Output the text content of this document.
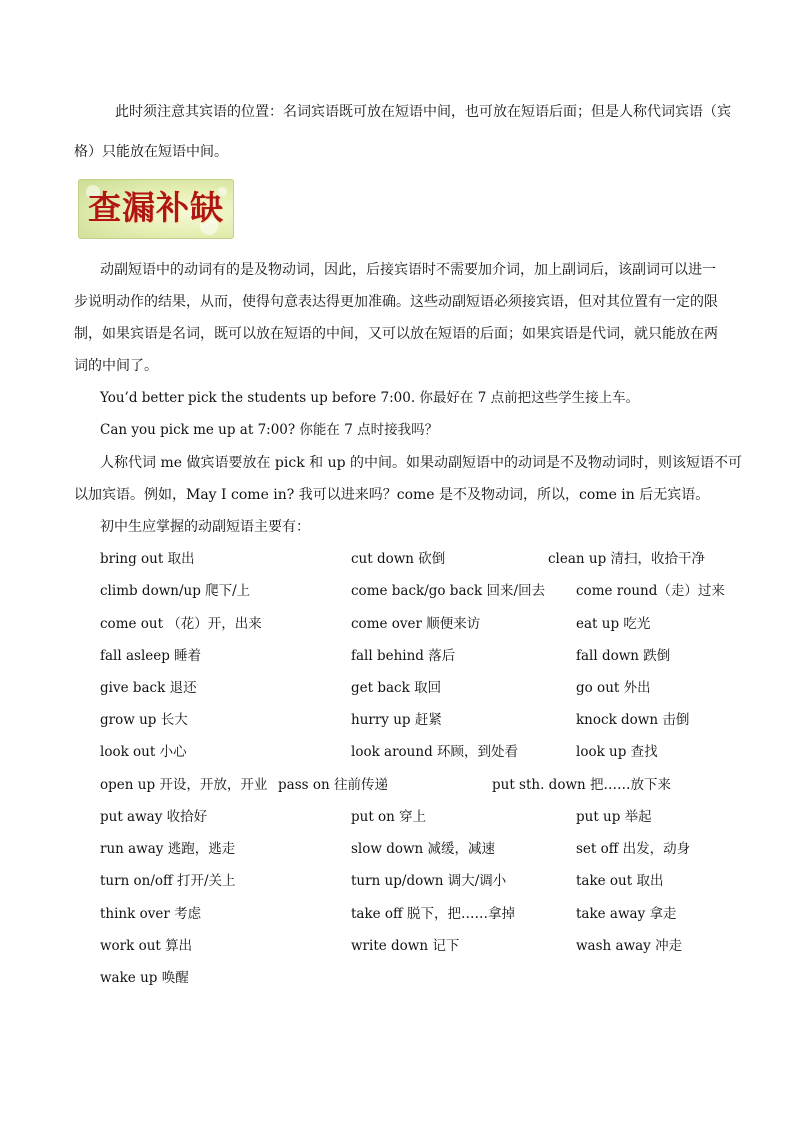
此时须注意其宾语的位置：名词宾语既可放在短语中间，也可放在短语后面；但是人称代词宾语（宾
格）只能放在短语中间。
查漏补缺
动副短语中的动词有的是及物动词，因此，后接宾语时不需要加介词，加上副词后，该副词可以进一
步说明动作的结果，从而，使得句意表达得更加准确。这些动副短语必须接宾语，但对其位置有一定的限
制，如果宾语是名词，既可以放在短语的中间，又可以放在短语的后面；如果宾语是代词，就只能放在两
词的中间了。
You’d better pick the students up before 7:00. 你最好在 7 点前把这些学生接上车。
Can you pick me up at 7:00? 你能在 7 点时接我吗？
人称代词 me 做宾语要放在 pick 和 up 的中间。如果动副短语中的动词是不及物动词时，则该短语不可
以加宾语。例如，May I come in? 我可以进来吗？come 是不及物动词，所以，come in 后无宾语。
初中生应掌握的动副短语主要有：
bring out 取出	cut down 砍倒	clean up 清扫，收拾干净
climb down/up 爬下/上	come back/go back 回来/回去 come round（走）过来
come out （花）开，出来	come over 顺便来访	eat up 吃光
fall asleep 睡着	fall behind 落后	fall down 跌倒
give back 退还	get back 取回	go out 外出
grow up 长大	hurry up 赶紧	knock down 击倒
look out 小心	look around 环顾，到处看	look up 查找
open up 开设，开放，开业 pass on 往前传递	put sth. down 把……放下来
put away 收拾好	put on 穿上	put up 举起
run away 逃跑，逃走	slow down 减缓，减速	set off 出发，动身
turn on/off 打开/关上	turn up/down 调大/调小	take out 取出
think over 考虑	take off 脱下，把……拿掉	take away 拿走
work out 算出	write down 记下	wash away 冲走
wake up 唤醒
